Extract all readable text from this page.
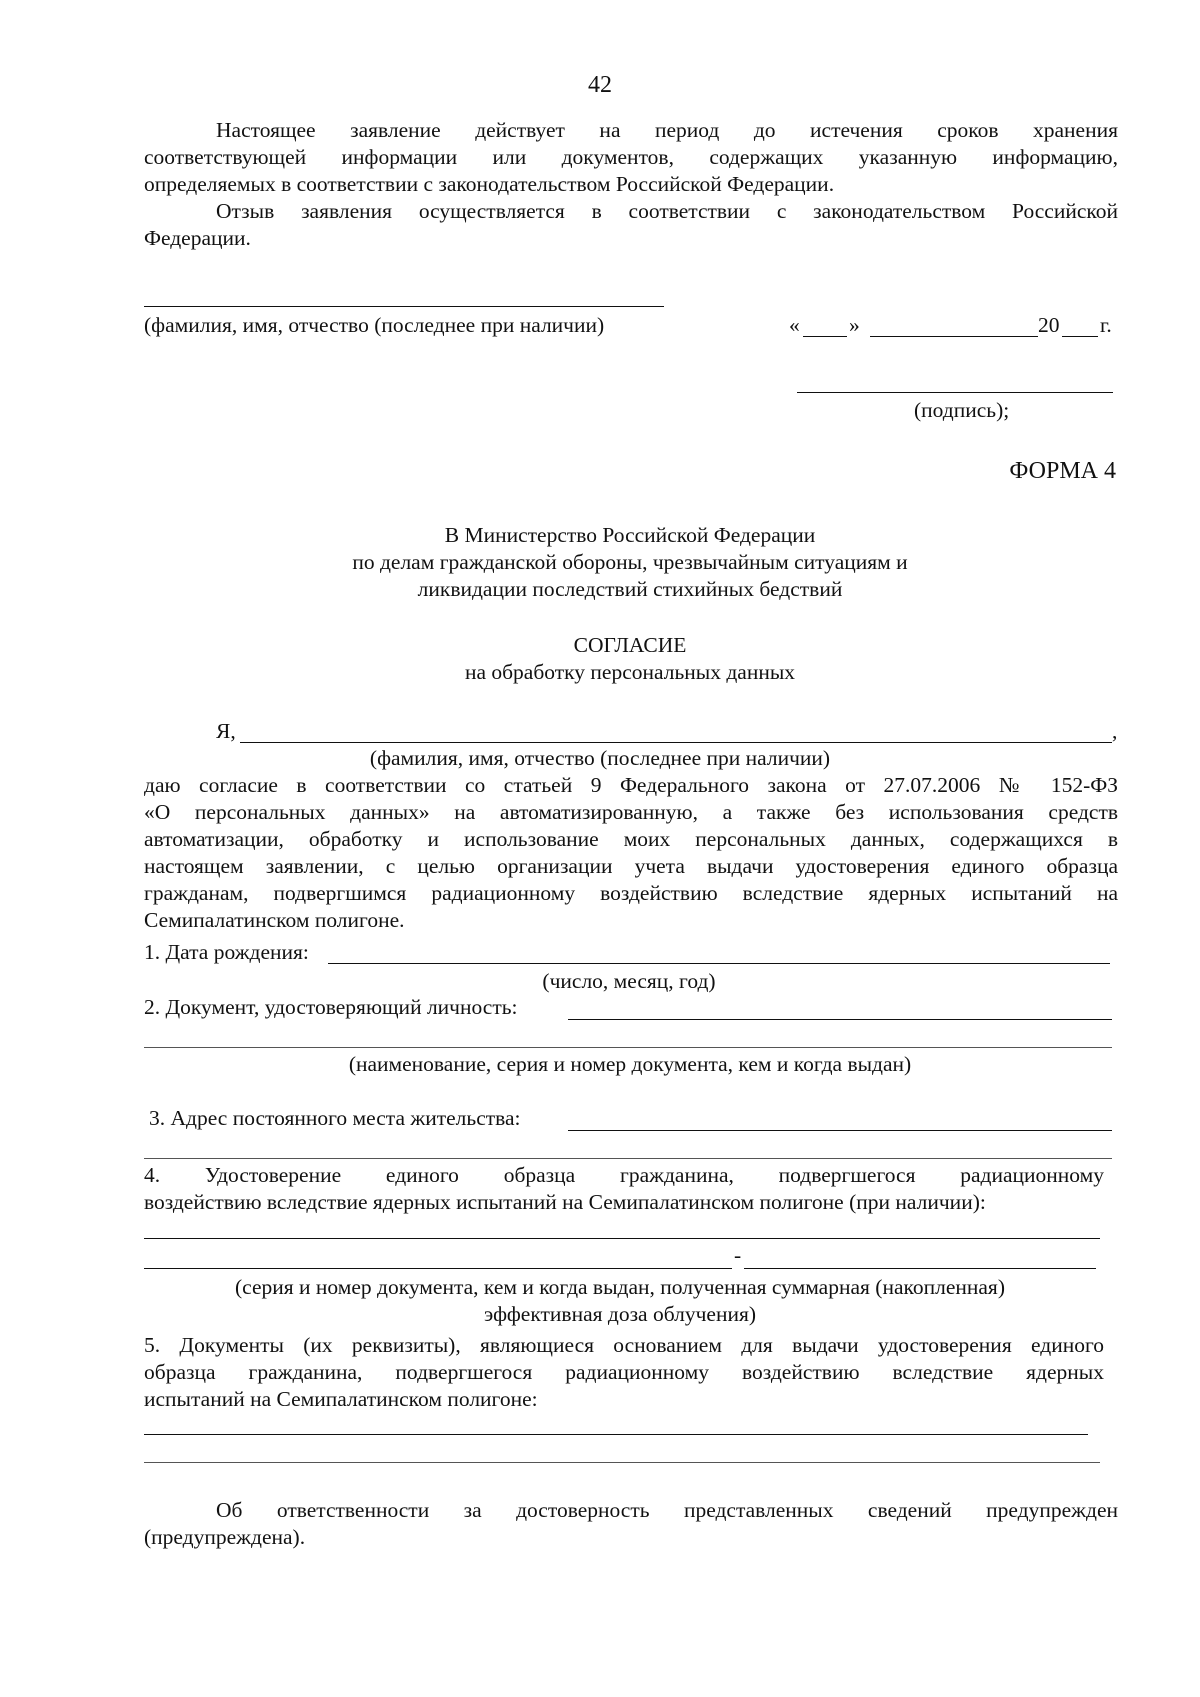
42

Настоящее заявление действует на период до истечения сроков хранения

соответствующей информации или документов, содержащих указанную информацию,

определяемых в соответствии с законодательством Российской Федерации.

Отзыв заявления осуществляется в соответствии с законодательством Российской

Федерации.

(фамилия, имя, отчество (последнее при наличии)	« »	20 г.
(подпись);
ФОРМА 4

В Министерство Российской Федерации

по делам гражданской обороны, чрезвычайным ситуациям и

ликвидации последствий стихийных бедствий

СОГЛАСИЕ
на обработку персональных данных
Я,	,
(фамилия, имя, отчество (последнее при наличии)

даю согласие в соответствии со статьей 9 Федерального закона от 27.07.2006 № 152-ФЗ

«О персональных данных» на автоматизированную, а также без использования средств

автоматизации, обработку и использование моих персональных данных, содержащихся в

настоящем заявлении, с целью организации учета выдачи удостоверения единого образца

гражданам, подвергшимся радиационному воздействию вследствие ядерных испытаний на

Семипалатинском полигоне.

1. Дата рождения:
(число, месяц, год)
2. Документ, удостоверяющий личность:
(наименование, серия и номер документа, кем и когда выдан)
3. Адрес постоянного места жительства:

4. Удостоверение единого образца гражданина, подвергшегося радиационному

воздействию вследствие ядерных испытаний на Семипалатинском полигоне (при наличии):

-

(серия и номер документа, кем и когда выдан, полученная суммарная (накопленная)

эффективная доза облучения)

5. Документы (их реквизиты), являющиеся основанием для выдачи удостоверения единого

образца гражданина, подвергшегося радиационному воздействию вследствие ядерных

испытаний на Семипалатинском полигоне:

Об ответственности за достоверность представленных сведений предупрежден

(предупреждена).
